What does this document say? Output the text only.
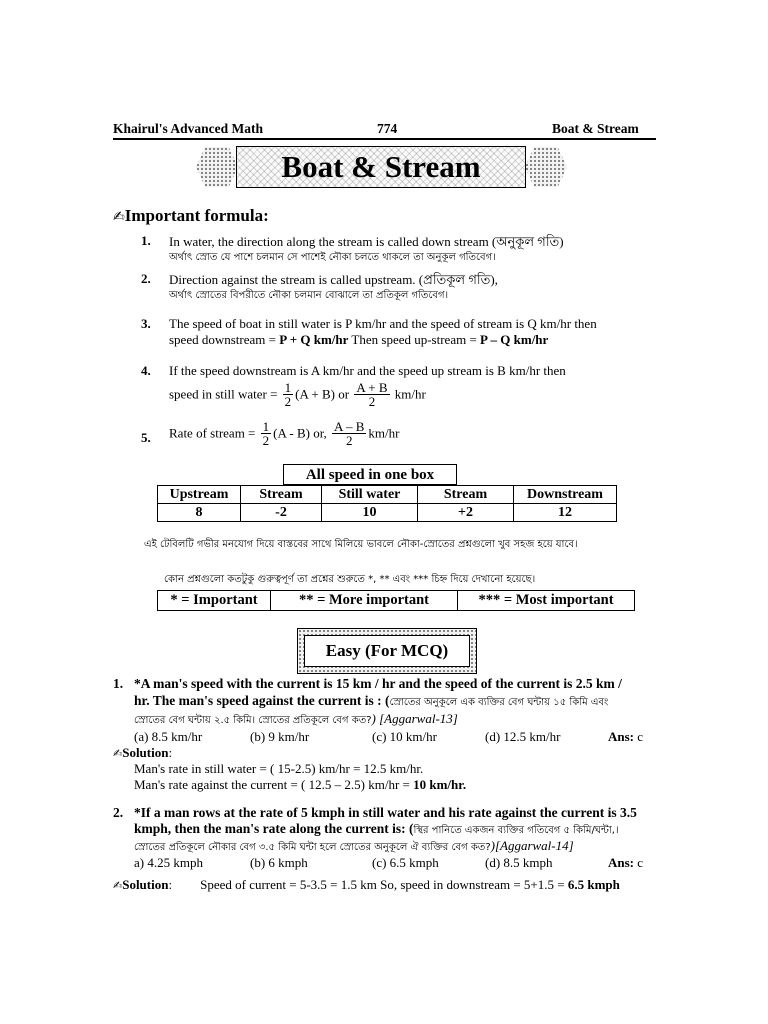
Khairul's Advanced Math	774	Boat & Stream
Boat & Stream
✍Important formula:
1. In water, the direction along the stream is called down stream (অনুকূল গতি)
অর্থাৎ স্রোত যে পাশে চলমান সে পাশেই নৌকা চলতে থাকলে তা অনুকূল গতিবেগ।
2. Direction against the stream is called upstream. (প্রতিকূল গতি),
অর্থাৎ স্রোতের বিপরীতে নৌকা চলমান বোঝালে তা প্রতিকূল গতিবেগ।
3. The speed of boat in still water is P km/hr and the speed of stream is Q km/hr then
speed downstream = P + Q km/hr Then speed up-stream = P – Q km/hr
4. If the speed downstream is A km/hr and the speed up stream is B km/hr then
speed in still water = $\frac{1}{2} (A + B)$ or $\frac{A + B}{2} km/hr$
5. Rate of stream = $\frac{1}{2} (A - B)$ or, $\frac{A - B}{2} km/hr$
All speed in one box
Upstream	Stream	Still water	Stream	Downstream
8	-2	10	+2	12
এই টেবিলটি গভীর মনযোগ দিয়ে বাস্তবের সাথে মিলিয়ে ভাবলে নৌকা-স্রোতের প্রশ্নগুলো খুব সহজ হয়ে যাবে।
কোন প্রশ্নগুলো কতটুকু গুরুত্বপূর্ণ তা প্রশ্নের শুরুতে *, ** এবং *** চিহ্ন দিয়ে দেখানো হয়েছে।
* = Important	** = More important	*** = Most important
Easy (For MCQ)
1. *A man's speed with the current is 15 km / hr and the speed of the current is 2.5 km /
hr. The man's speed against the current is : (স্রোতের অনুকূলে এক ব্যক্তির বেগ ঘন্টায় ১৫ কিমি এবং
স্রোতের বেগ ঘন্টায় ২.৫ কিমি। স্রোতের প্রতিকূলে বেগ কত?) [Aggarwal-13]
(a) 8.5 km/hr	(b) 9 km/hr	(c) 10 km/hr	(d) 12.5 km/hr	Ans: c
✍Solution:
Man's rate in still water = ( 15-2.5) km/hr = 12.5 km/hr.
Man's rate against the current = ( 12.5 – 2.5) km/hr = 10 km/hr.
2. *If a man rows at the rate of 5 kmph in still water and his rate against the current is 3.5
kmph, then the man's rate along the current is: (স্থির পানিতে একজন ব্যক্তির গতিবেগ ৫ কিমি/ঘন্টা,।
স্রোতের প্রতিকূলে নৌকার বেগ ৩.৫ কিমি ঘন্টা হলে স্রোতের অনুকূলে ঐ ব্যক্তির বেগ কত?)[Aggarwal-14]
a) 4.25 kmph	(b) 6 kmph	(c) 6.5 kmph	(d) 8.5 kmph	Ans: c
✍Solution: Speed of current = 5-3.5 = 1.5 km So, speed in downstream = 5+1.5 = 6.5 kmph
